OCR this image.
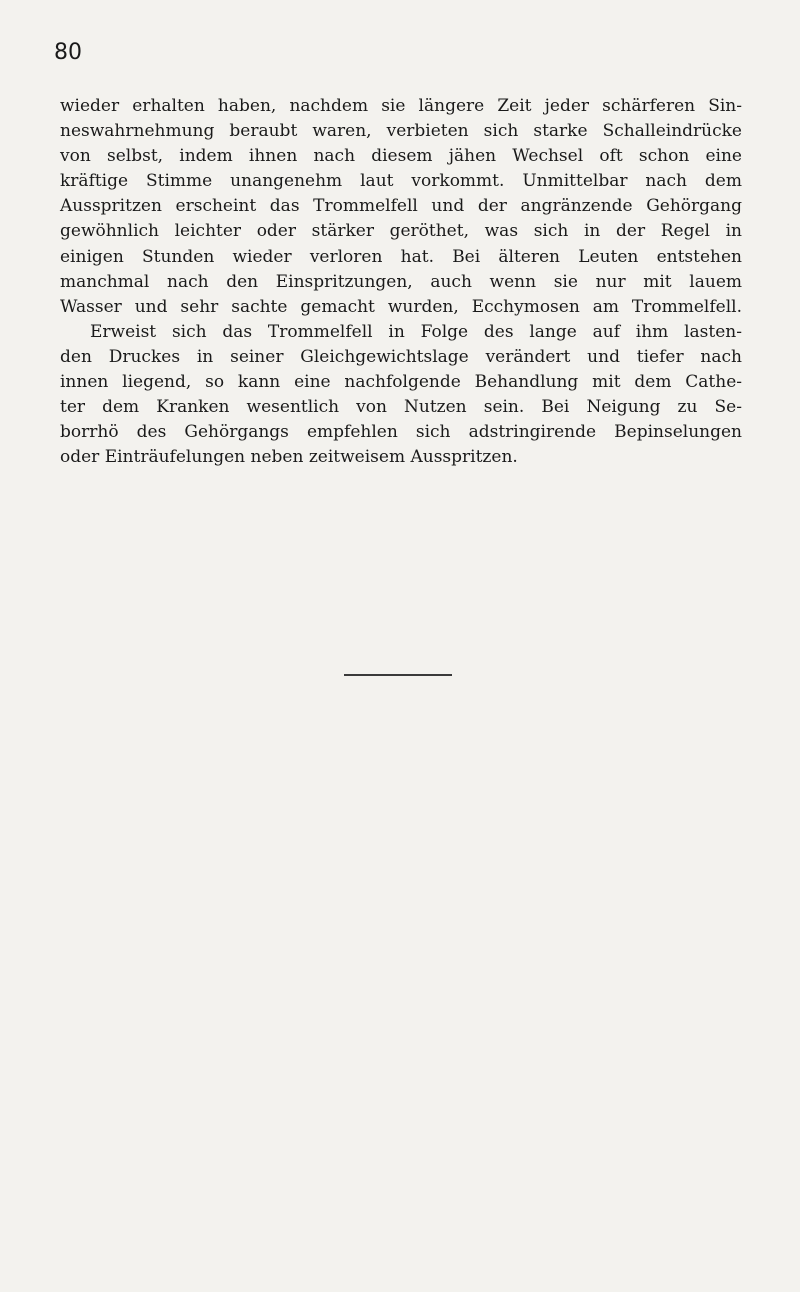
80
wieder erhalten haben, nachdem sie längere Zeit jeder schärferen Sin-
neswahrnehmung beraubt waren, verbieten sich starke Schalleindrücke
von selbst, indem ihnen nach diesem jähen Wechsel oft schon eine
kräftige Stimme unangenehm laut vorkommt. Unmittelbar nach dem
Ausspritzen erscheint das Trommelfell und der angränzende Gehörgang
gewöhnlich leichter oder stärker geröthet, was sich in der Regel in
einigen Stunden wieder verloren hat. Bei älteren Leuten entstehen
manchmal nach den Einspritzungen, auch wenn sie nur mit lauem
Wasser und sehr sachte gemacht wurden, Ecchymosen am Trommelfell.
Erweist sich das Trommelfell in Folge des lange auf ihm lasten-
den Druckes in seiner Gleichgewichtslage verändert und tiefer nach
innen liegend, so kann eine nachfolgende Behandlung mit dem Cathe-
ter dem Kranken wesentlich von Nutzen sein. Bei Neigung zu Se-
borrhö des Gehörgangs empfehlen sich adstringirende Bepinselungen
oder Einträufelungen neben zeitweisem Ausspritzen.
